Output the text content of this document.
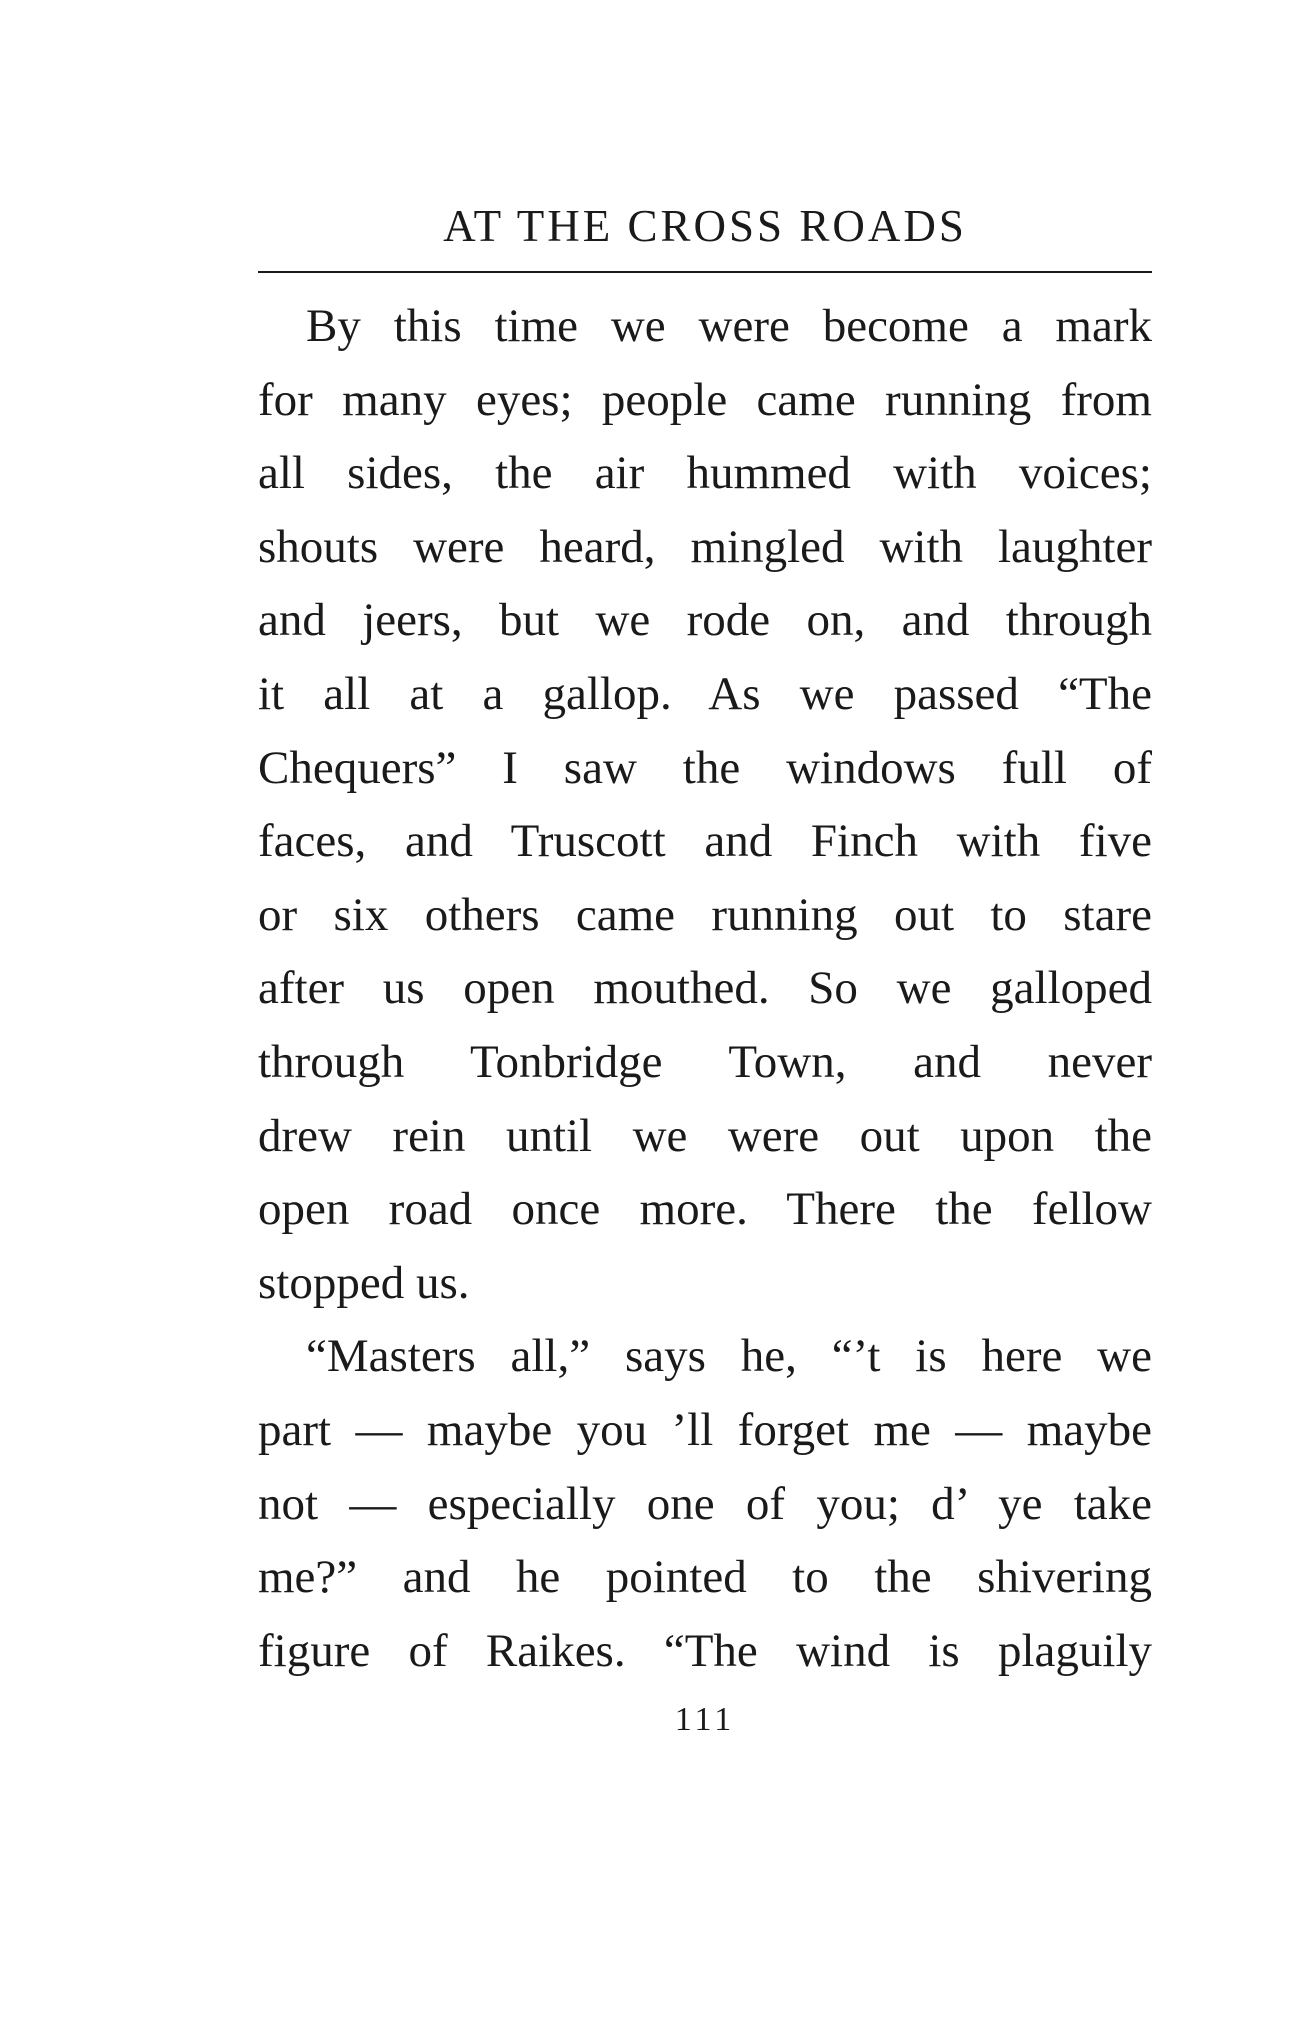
AT THE CROSS ROADS
By this time we were become a mark
for many eyes; people came running from
all sides, the air hummed with voices;
shouts were heard, mingled with laughter
and jeers, but we rode on, and through
it all at a gallop. As we passed “The
Chequers” I saw the windows full of
faces, and Truscott and Finch with five
or six others came running out to stare
after us open mouthed. So we galloped
through Tonbridge Town, and never
drew rein until we were out upon the
open road once more. There the fellow
stopped us.
“Masters all,” says he, “’t is here we
part — maybe you ’ll forget me — maybe
not — especially one of you; d’ ye take
me?” and he pointed to the shivering
figure of Raikes. “The wind is plaguily
111
